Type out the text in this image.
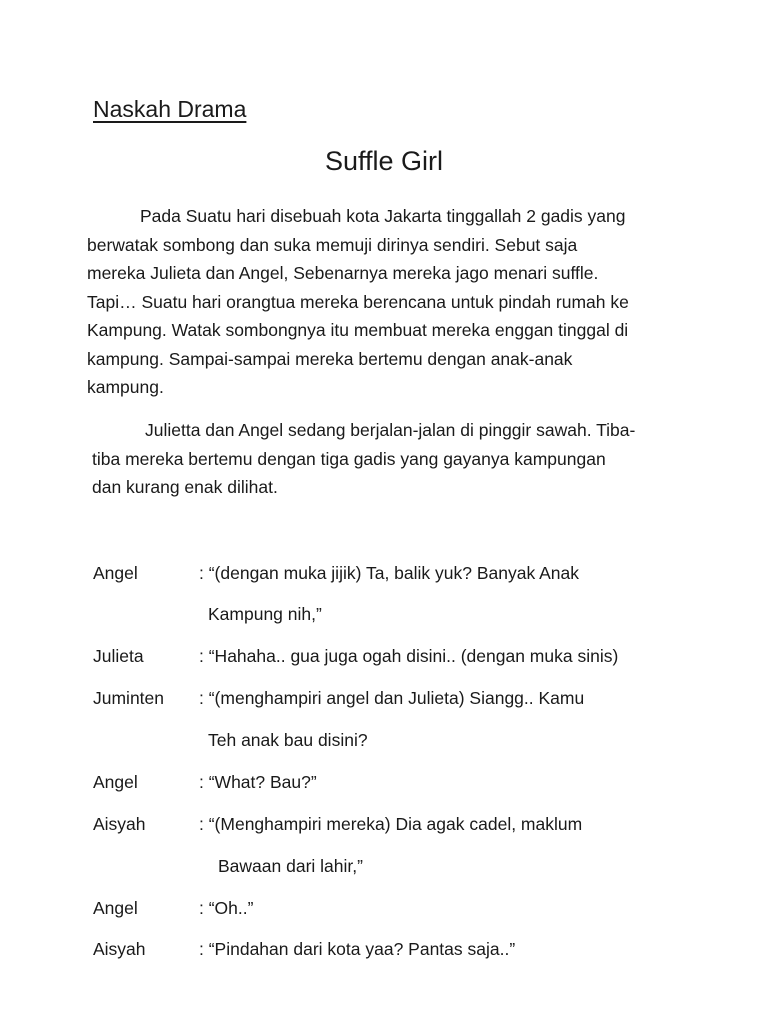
Naskah Drama
Suffle Girl
Pada Suatu hari disebuah kota Jakarta tinggallah 2 gadis yang
berwatak sombong dan suka memuji dirinya sendiri. Sebut saja
mereka Julieta dan Angel, Sebenarnya mereka jago menari suffle.
Tapi… Suatu hari orangtua mereka berencana untuk pindah rumah ke
Kampung. Watak sombongnya itu membuat mereka enggan tinggal di
kampung. Sampai-sampai mereka bertemu dengan anak-anak
kampung.
Julietta dan Angel sedang berjalan-jalan di pinggir sawah. Tiba-
tiba mereka bertemu dengan tiga gadis yang gayanya kampungan
dan kurang enak dilihat.

Angel	: “(dengan muka jijik) Ta, balik yuk? Banyak Anak

Kampung nih,”

Julieta	: “Hahaha.. gua juga ogah disini.. (dengan muka sinis)

Juminten : “(menghampiri angel dan Julieta) Siangg.. Kamu

Teh anak bau disini?

Angel	: “What? Bau?”

Aisyah	: “(Menghampiri mereka) Dia agak cadel, maklum

Bawaan dari lahir,”

Angel	: “Oh..”

Aisyah	: “Pindahan dari kota yaa? Pantas saja..”
